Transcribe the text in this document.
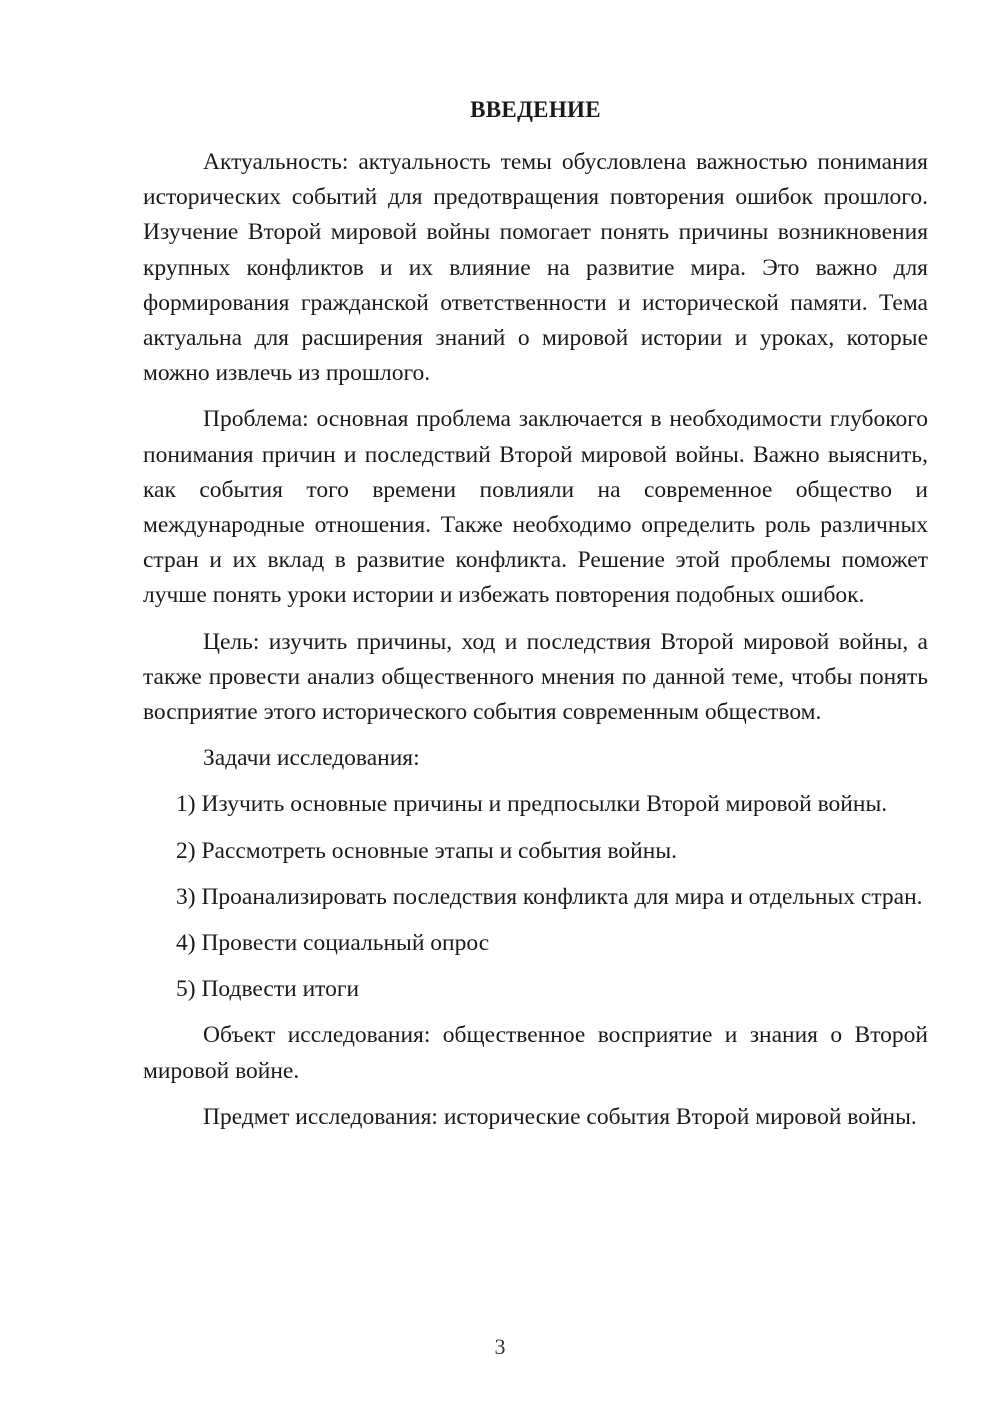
ВВЕДЕНИЕ

Актуальность: актуальность темы обусловлена важностью понимания исторических событий для предотвращения повторения ошибок прошлого. Изучение Второй мировой войны помогает понять причины возникновения крупных конфликтов и их влияние на развитие мира. Это важно для формирования гражданской ответственности и исторической памяти. Тема актуальна для расширения знаний о мировой истории и уроках, которые можно извлечь из прошлого.

Проблема: основная проблема заключается в необходимости глубокого понимания причин и последствий Второй мировой войны. Важно выяснить, как события того времени повлияли на современное общество и международные отношения. Также необходимо определить роль различных стран и их вклад в развитие конфликта. Решение этой проблемы поможет лучше понять уроки истории и избежать повторения подобных ошибок.

Цель: изучить причины, ход и последствия Второй мировой войны, а также провести анализ общественного мнения по данной теме, чтобы понять восприятие этого исторического события современным обществом.

Задачи исследования:

1) Изучить основные причины и предпосылки Второй мировой войны.

2) Рассмотреть основные этапы и события войны.

3) Проанализировать последствия конфликта для мира и отдельных стран.

4) Провести социальный опрос

5) Подвести итоги

Объект исследования: общественное восприятие и знания о Второй мировой войне.

Предмет исследования: исторические события Второй мировой войны.

3
